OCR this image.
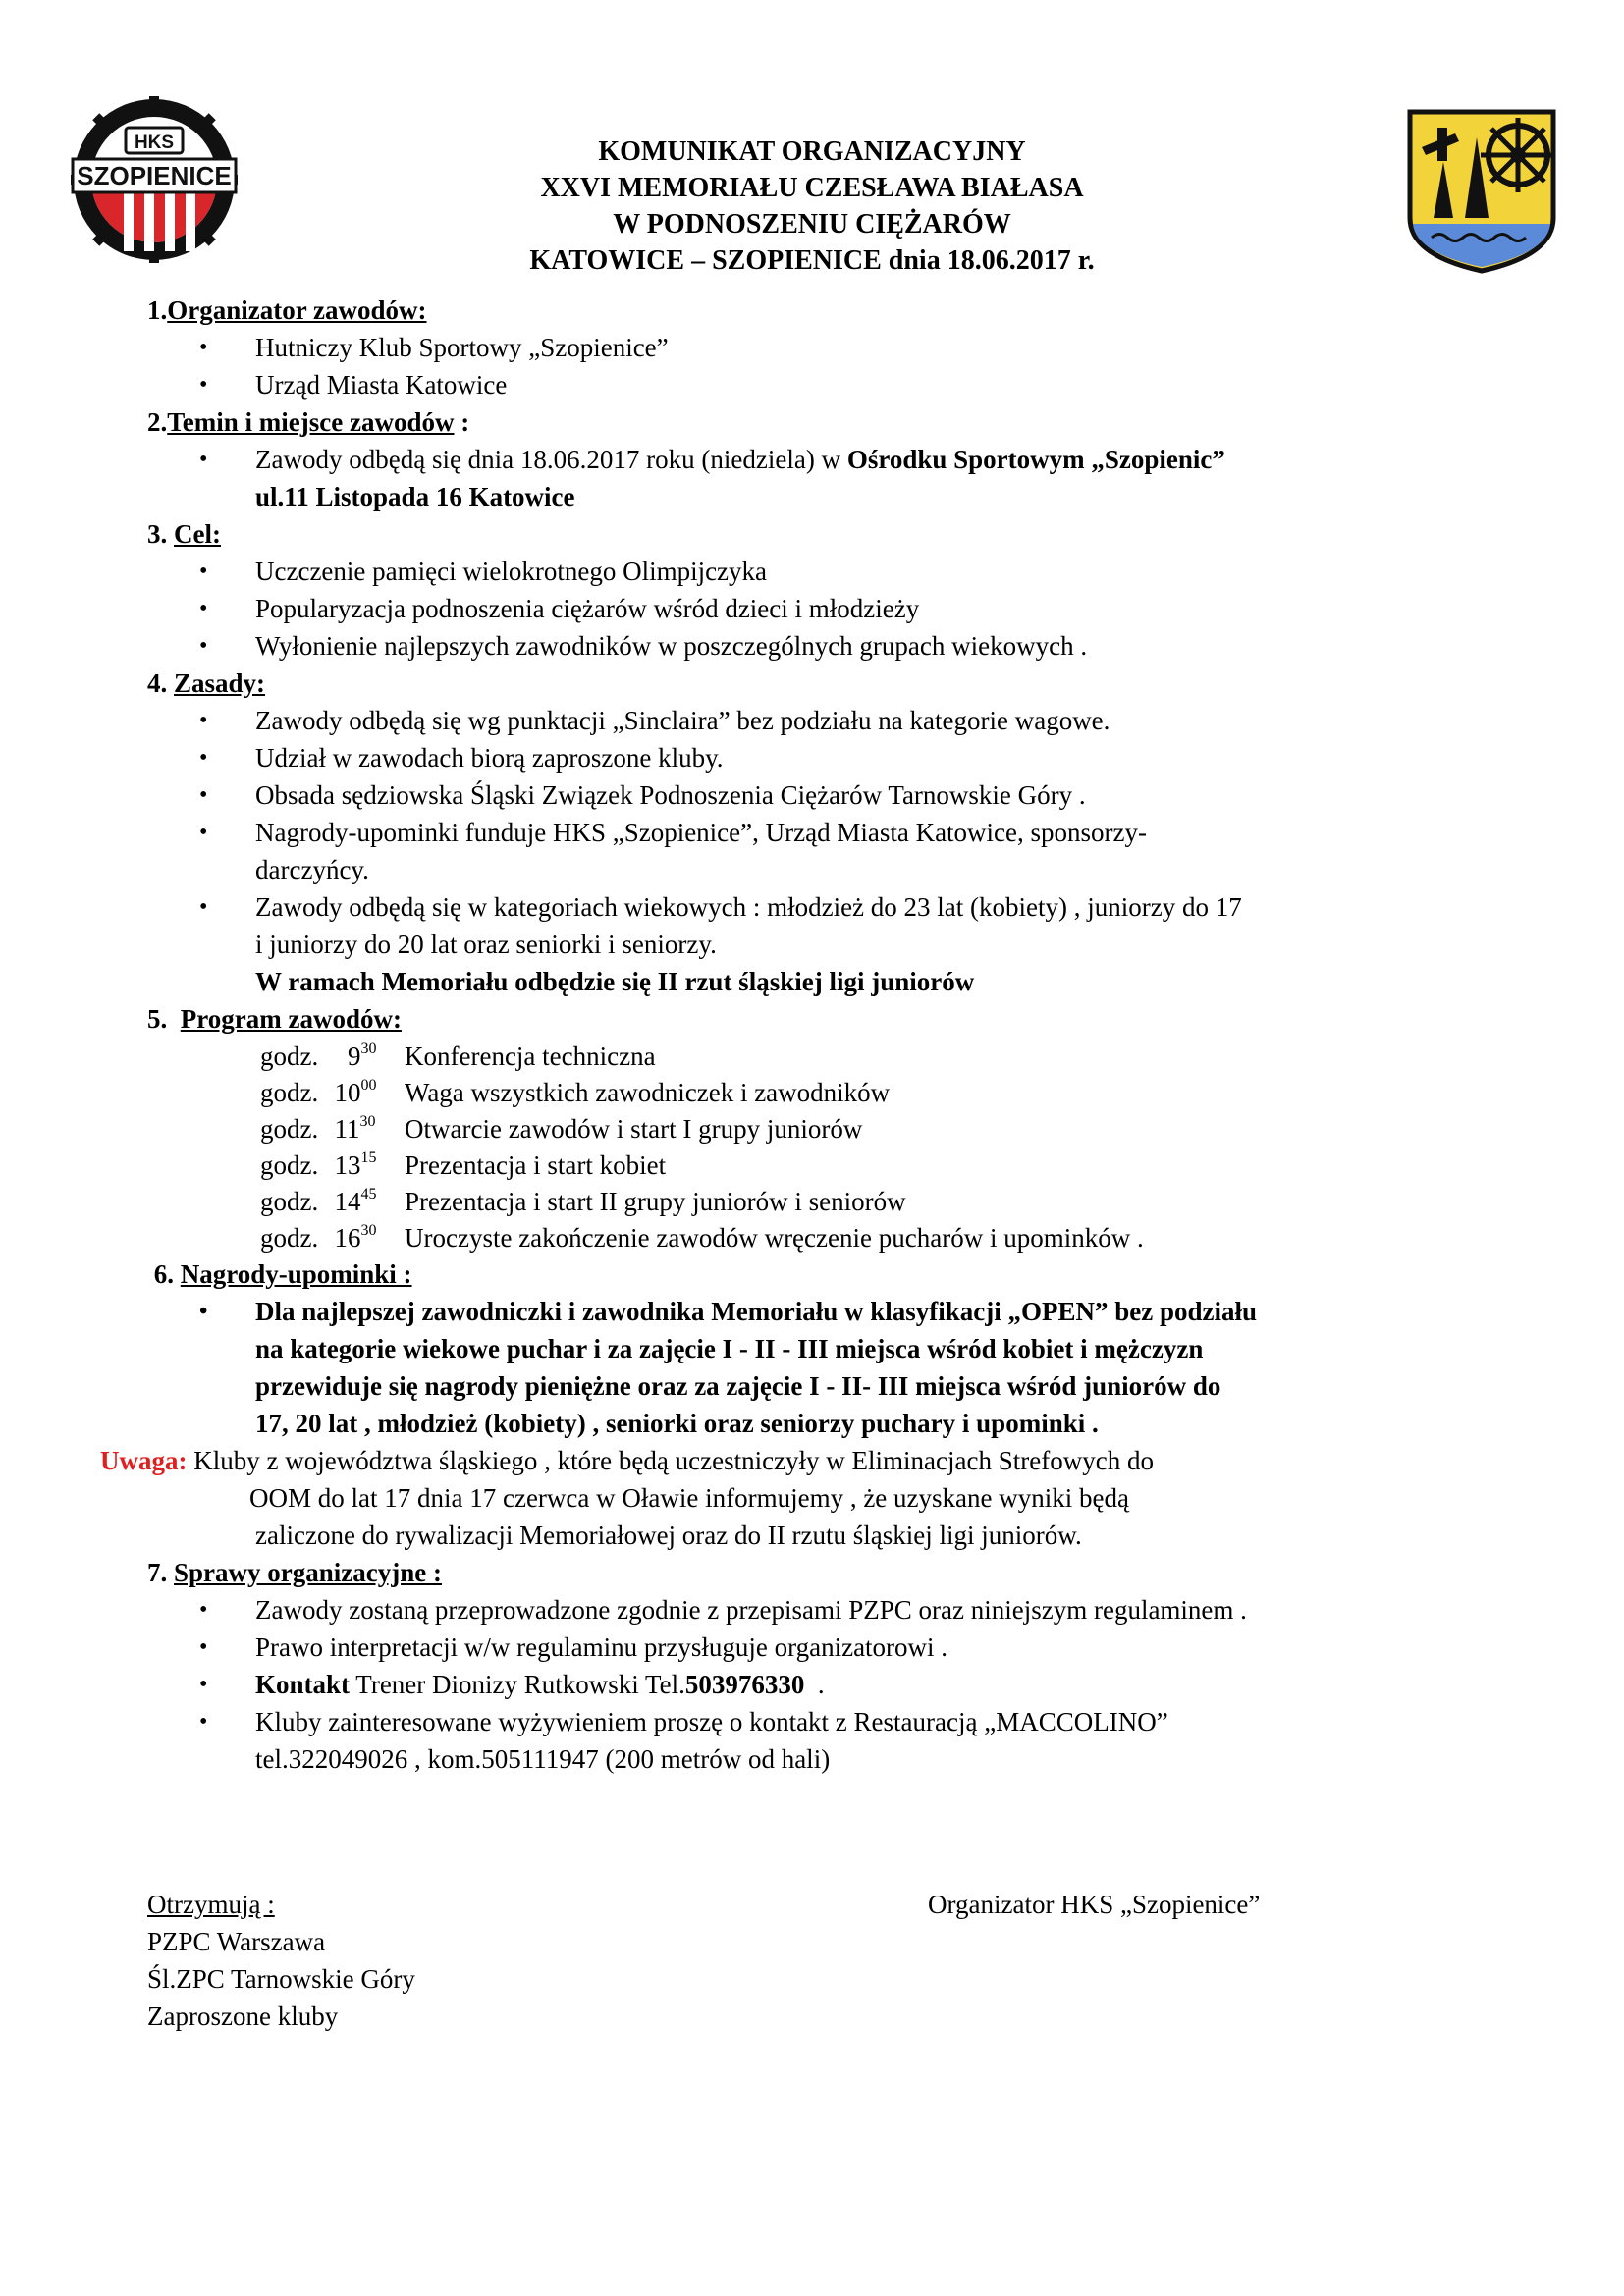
HKS
SZOPIENICE
KOMUNIKAT ORGANIZACYJNY
XXVI MEMORIAŁU CZESŁAWA BIAŁASA
W PODNOSZENIU CIĘŻARÓW
KATOWICE – SZOPIENICE dnia 18.06.2017 r.
1.Organizator zawodów:
• Hutniczy Klub Sportowy „Szopienice”
• Urząd Miasta Katowice
2.Temin i miejsce zawodów :
• Zawody odbędą się dnia 18.06.2017 roku (niedziela) w Ośrodku Sportowym „Szopienic”
ul.11 Listopada 16 Katowice
3. Cel:
• Uczczenie pamięci wielokrotnego Olimpijczyka
• Popularyzacja podnoszenia ciężarów wśród dzieci i młodzieży
• Wyłonienie najlepszych zawodników w poszczególnych grupach wiekowych .
4. Zasady:
• Zawody odbędą się wg punktacji „Sinclaira” bez podziału na kategorie wagowe.
• Udział w zawodach biorą zaproszone kluby.
• Obsada sędziowska Śląski Związek Podnoszenia Ciężarów Tarnowskie Góry .
• Nagrody-upominki funduje HKS „Szopienice”, Urząd Miasta Katowice, sponsorzy-
darczyńcy.
• Zawody odbędą się w kategoriach wiekowych : młodzież do 23 lat (kobiety) , juniorzy do 17
i juniorzy do 20 lat oraz seniorki i seniorzy.
W ramach Memoriału odbędzie się II rzut śląskiej ligi juniorów
5.  Program zawodów:
godz.   $9^{30}$ Konferencja techniczna
godz.  $10^{00}$ Waga wszystkich zawodniczek i zawodników
godz.  $11^{30}$ Otwarcie zawodów i start I grupy juniorów
godz.  $13^{15}$ Prezentacja i start kobiet
godz.  $14^{45}$ Prezentacja i start II grupy juniorów i seniorów
godz.  $16^{30}$ Uroczyste zakończenie zawodów wręczenie pucharów i upominków .
6. Nagrody-upominki :
• Dla najlepszej zawodniczki i zawodnika Memoriału w klasyfikacji „OPEN” bez podziału
na kategorie wiekowe puchar i za zajęcie I - II - III miejsca wśród kobiet i mężczyzn
przewiduje się nagrody pieniężne oraz za zajęcie I - II- III miejsca wśród juniorów do
17, 20 lat , młodzież (kobiety) , seniorki oraz seniorzy puchary i upominki .
Uwaga: Kluby z województwa śląskiego , które będą uczestniczyły w Eliminacjach Strefowych do
OOM do lat 17 dnia 17 czerwca w Oławie informujemy , że uzyskane wyniki będą
zaliczone do rywalizacji Memoriałowej oraz do II rzutu śląskiej ligi juniorów.
7. Sprawy organizacyjne :
• Zawody zostaną przeprowadzone zgodnie z przepisami PZPC oraz niniejszym regulaminem .
• Prawo interpretacji w/w regulaminu przysługuje organizatorowi .
• Kontakt Trener Dionizy Rutkowski Tel.503976330  .
• Kluby zainteresowane wyżywieniem proszę o kontakt z Restauracją „MACCOLINO”
tel.322049026 , kom.505111947 (200 metrów od hali)
Otrzymują :
PZPC Warszawa
Śl.ZPC Tarnowskie Góry
Zaproszone kluby
Organizator HKS „Szopienice”
